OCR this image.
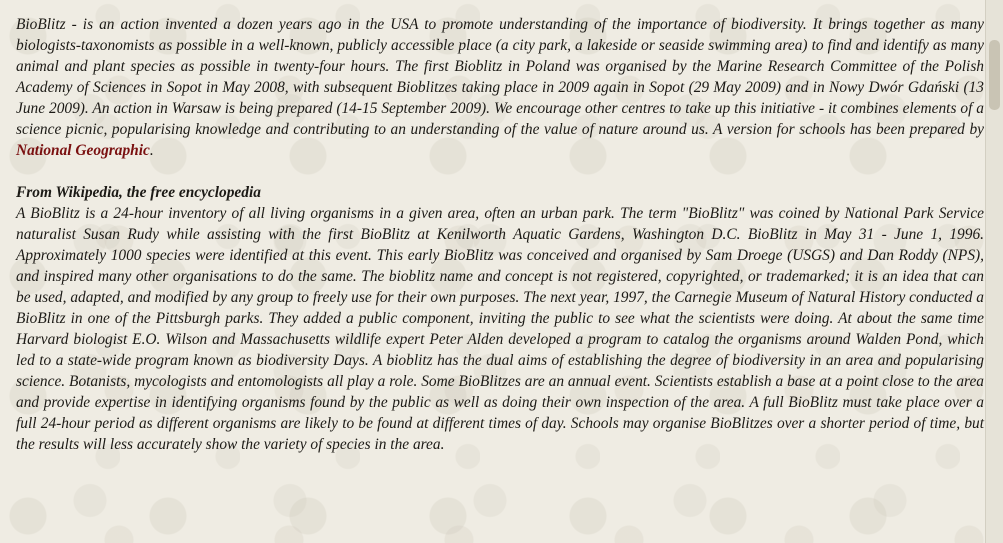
BioBlitz - is an action invented a dozen years ago in the USA to promote understanding of the importance of biodiversity. It brings together as many biologists-taxonomists as possible in a well-known, publicly accessible place (a city park, a lakeside or seaside swimming area) to find and identify as many animal and plant species as possible in twenty-four hours. The first Bioblitz in Poland was organised by the Marine Research Committee of the Polish Academy of Sciences in Sopot in May 2008, with subsequent Bioblitzes taking place in 2009 again in Sopot (29 May 2009) and in Nowy Dwór Gdański (13 June 2009). An action in Warsaw is being prepared (14-15 September 2009). We encourage other centres to take up this initiative - it combines elements of a science picnic, popularising knowledge and contributing to an understanding of the value of nature around us. A version for schools has been prepared by National Geographic.

From Wikipedia, the free encyclopedia

A BioBlitz is a 24-hour inventory of all living organisms in a given area, often an urban park. The term "BioBlitz" was coined by National Park Service naturalist Susan Rudy while assisting with the first BioBlitz at Kenilworth Aquatic Gardens, Washington D.C. BioBlitz in May 31 - June 1, 1996. Approximately 1000 species were identified at this event. This early BioBlitz was conceived and organised by Sam Droege (USGS) and Dan Roddy (NPS), and inspired many other organisations to do the same. The bioblitz name and concept is not registered, copyrighted, or trademarked; it is an idea that can be used, adapted, and modified by any group to freely use for their own purposes. The next year, 1997, the Carnegie Museum of Natural History conducted a BioBlitz in one of the Pittsburgh parks. They added a public component, inviting the public to see what the scientists were doing. At about the same time Harvard biologist E.O. Wilson and Massachusetts wildlife expert Peter Alden developed a program to catalog the organisms around Walden Pond, which led to a state-wide program known as biodiversity Days. A bioblitz has the dual aims of establishing the degree of biodiversity in an area and popularising science. Botanists, mycologists and entomologists all play a role. Some BioBlitzes are an annual event. Scientists establish a base at a point close to the area and provide expertise in identifying organisms found by the public as well as doing their own inspection of the area. A full BioBlitz must take place over a full 24-hour period as different organisms are likely to be found at different times of day. Schools may organise BioBlitzes over a shorter period of time, but the results will less accurately show the variety of species in the area.
